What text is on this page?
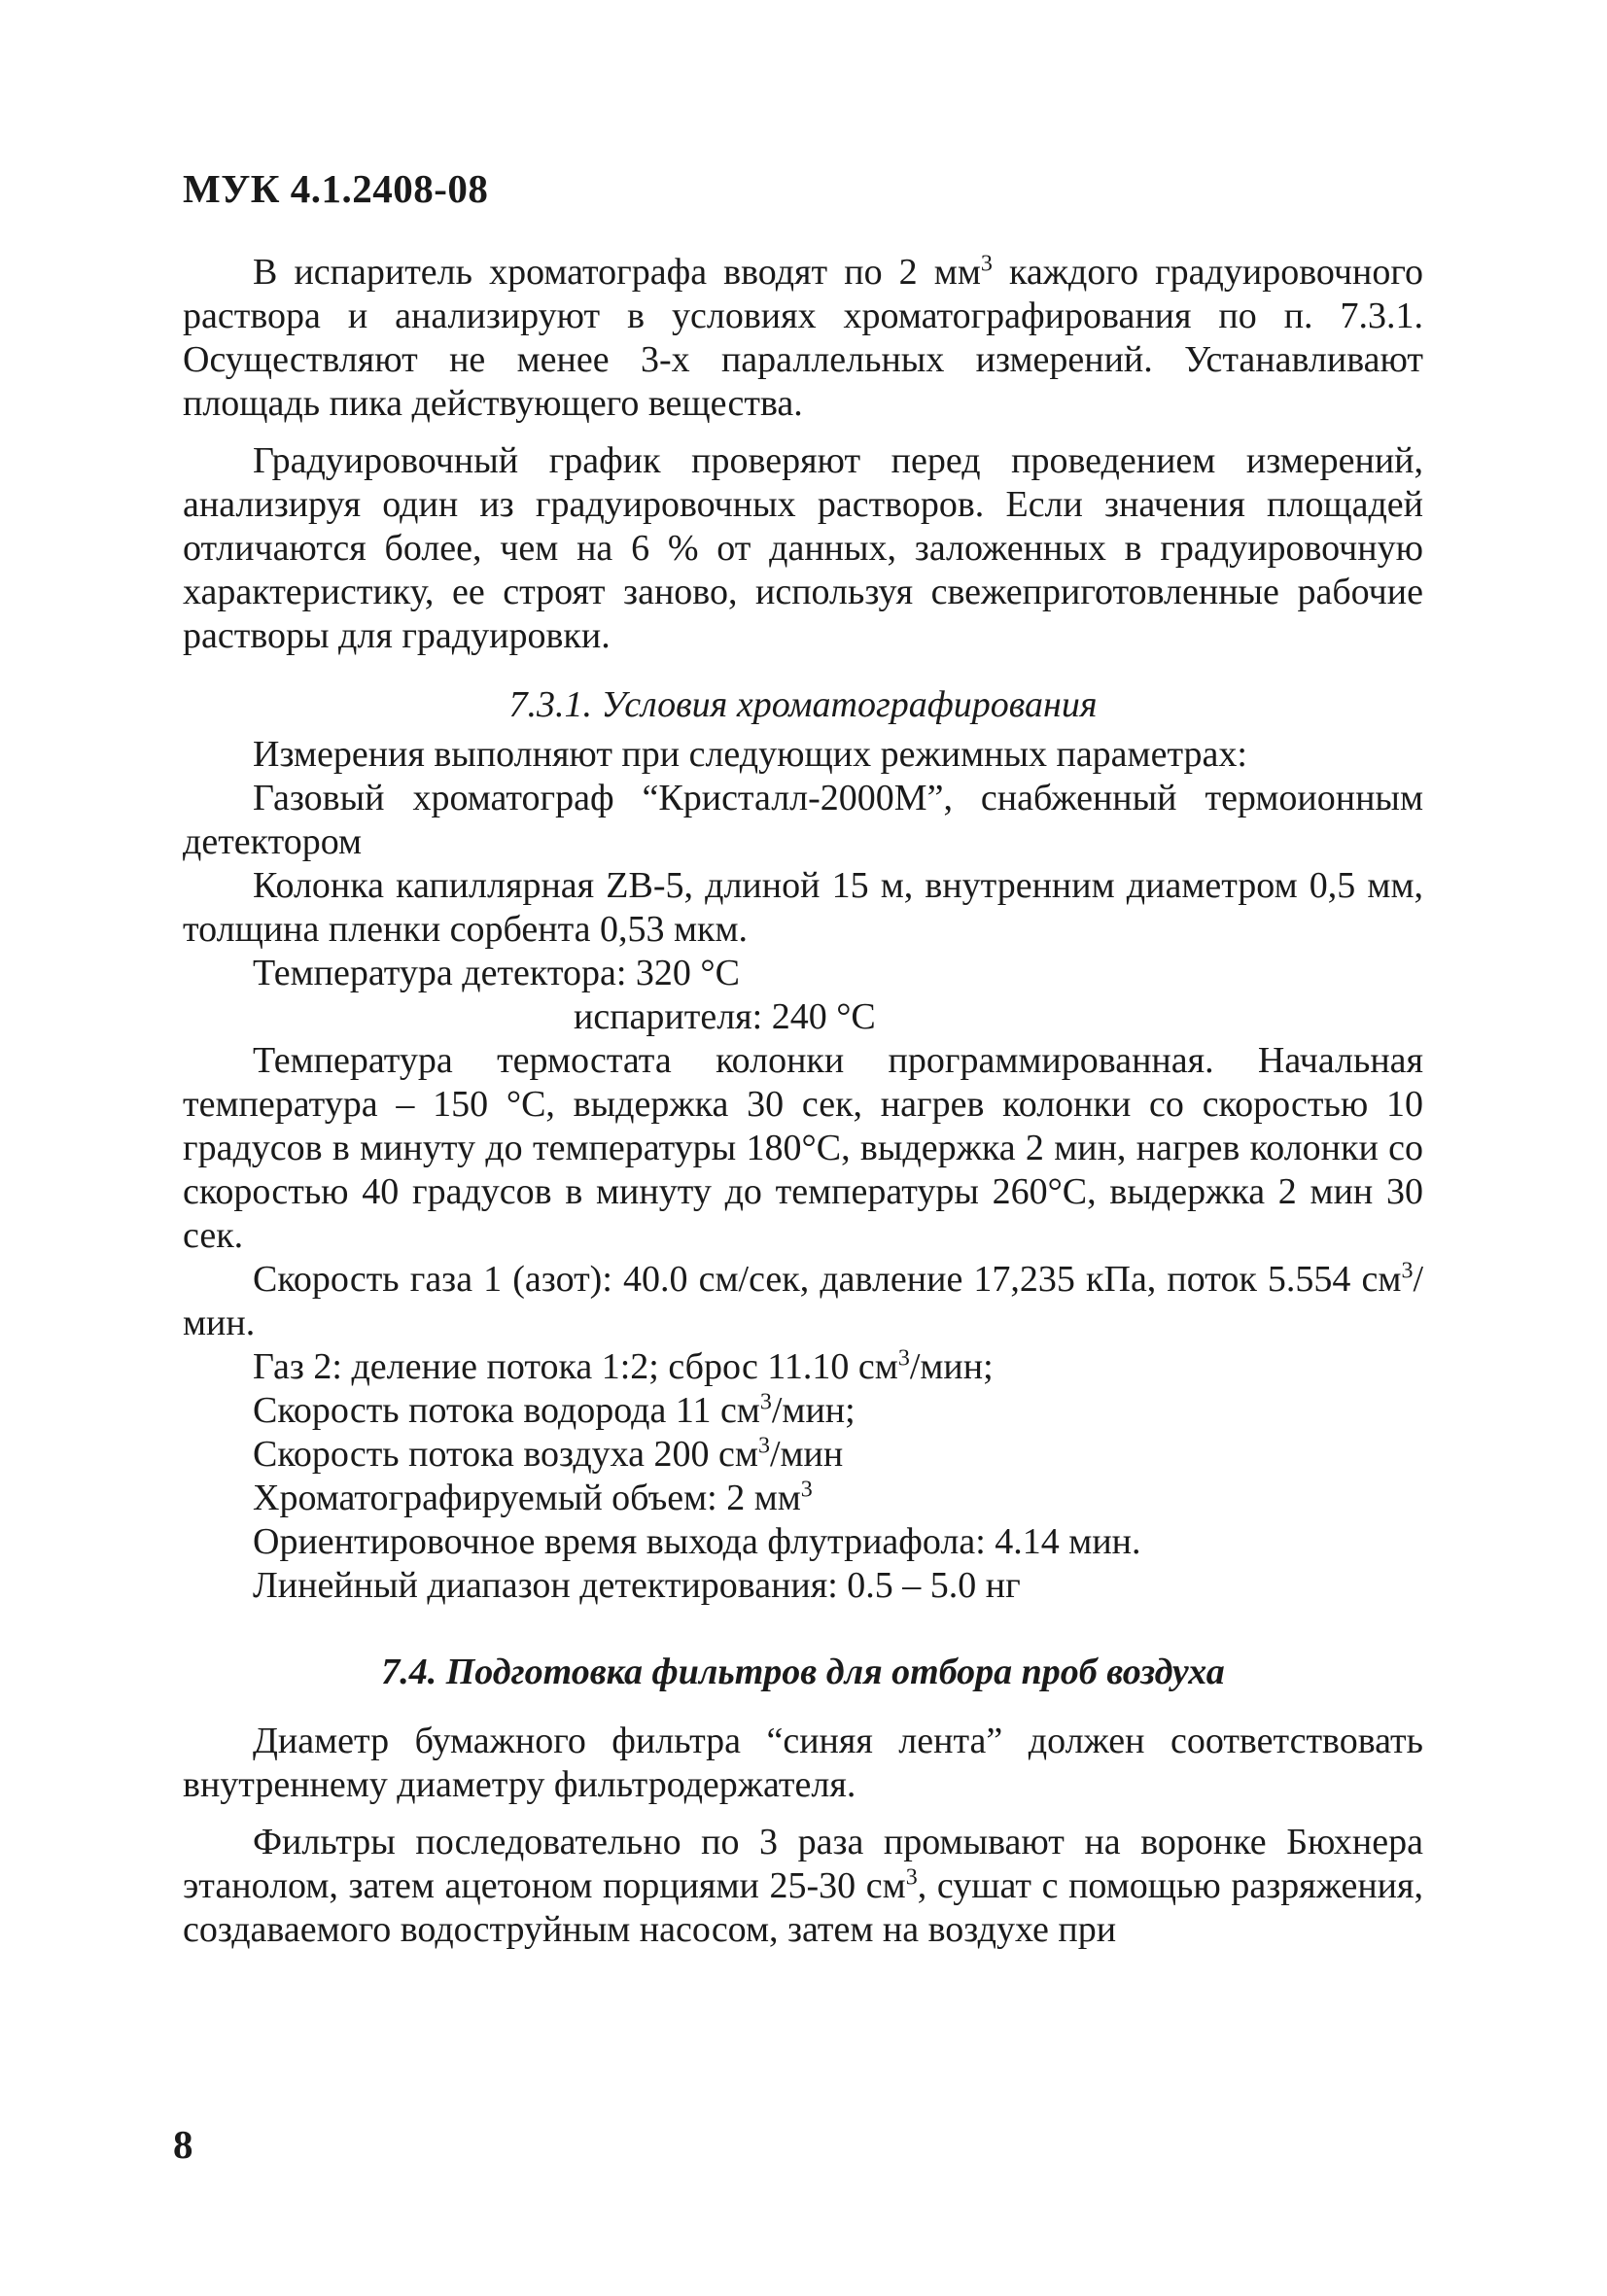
МУК 4.1.2408-08

В испаритель хроматографа вводят по 2 $мм^3$ каждого градуировочного раствора и анализируют в условиях хроматографирования по п. 7.3.1. Осуществляют не менее 3-х параллельных измерений. Устанавливают площадь пика действующего вещества.

Градуировочный график проверяют перед проведением измерений, анализируя один из градуировочных растворов. Если значения площадей отличаются более, чем на 6 % от данных, заложенных в градуировочную характеристику, ее строят заново, используя свежеприготовленные рабочие растворы для градуировки.

7.3.1. Условия хроматографирования

Измерения выполняют при следующих режимных параметрах:

Газовый хроматограф “Кристалл-2000М”, снабженный термоионным детектором

Колонка капиллярная ZB-5, длиной 15 м, внутренним диаметром 0,5 мм, толщина пленки сорбента 0,53 мкм.

Температура детектора: 320 °С

испарителя: 240 °С

Температура термостата колонки программированная. Начальная температура – 150 °С, выдержка 30 сек, нагрев колонки со скоростью 10 градусов в минуту до температуры 180°С, выдержка 2 мин, нагрев колонки со скоростью 40 градусов в минуту до температуры 260°С, выдержка 2 мин 30 сек.

Скорость газа 1 (азот): 40.0 см/сек, давление 17,235 кПа, поток 5.554 $см^3$/мин.

Газ 2: деление потока 1:2; сброс 11.10 $см^3$/мин;

Скорость потока водорода 11 $см^3$/мин;

Скорость потока воздуха 200 $см^3$/мин

Хроматографируемый объем: 2 $мм^3$

Ориентировочное время выхода флутриафола: 4.14 мин.

Линейный диапазон детектирования: 0.5 – 5.0 нг

7.4. Подготовка фильтров для отбора проб воздуха

Диаметр бумажного фильтра “синяя лента” должен соответствовать внутреннему диаметру фильтродержателя.

Фильтры последовательно по 3 раза промывают на воронке Бюхнера этанолом, затем ацетоном порциями 25-30 $см^3$, сушат с помощью разряжения, создаваемого водоструйным насосом, затем на воздухе при

8
